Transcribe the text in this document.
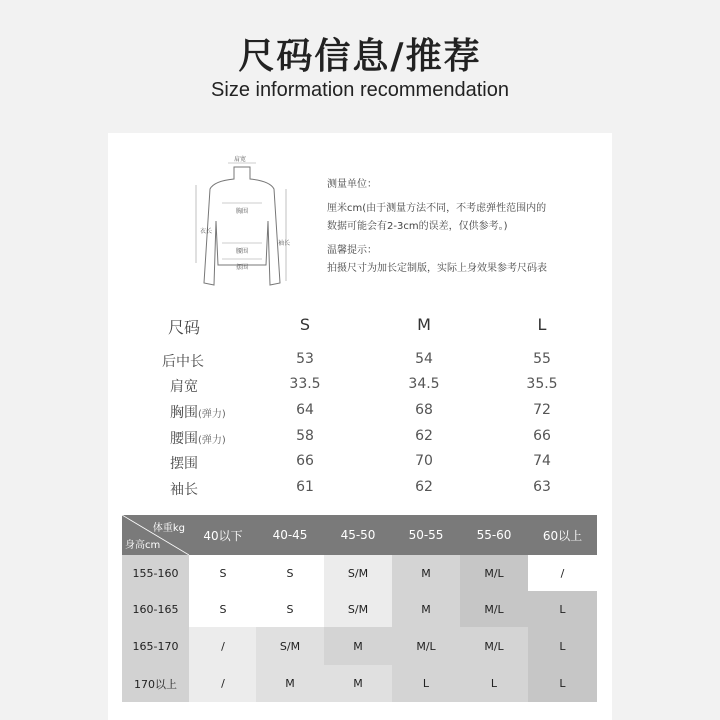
尺码信息/推荐
Size information recommendation
肩宽
衣长
胸围
腰围
摆围
袖长
测量单位：
厘米cm(由于测量方法不同，不考虑弹性范围内的
数据可能会有2-3cm的误差，仅供参考。)
温馨提示：
拍摄尺寸为加长定制版，实际上身效果参考尺码表
尺码	S	M	L
后中长	53	54	55
肩宽	33.5	34.5	35.5
胸围(弹力)	64	68	72
腰围(弹力)	58	62	66
摆围	66	70	74
袖长	61	62	63
体重kg
身高cm
40以下	40-45	45-50	50-55	55-60	60以上
155-160	S	S	S/M	M	M/L	/
160-165	S	S	S/M	M	M/L	L
165-170	/	S/M	M	M/L	M/L	L
170以上	/	M	M	L	L	L
